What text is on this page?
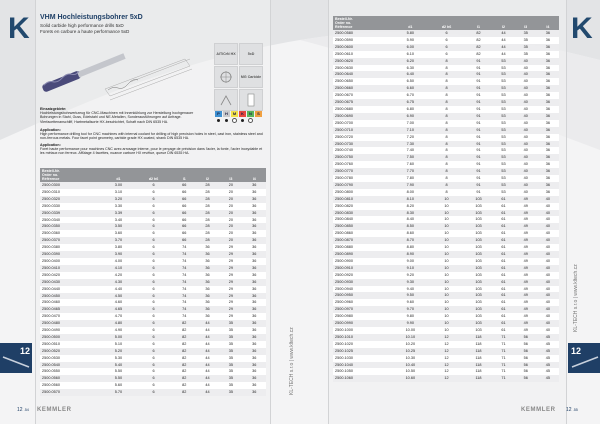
K VHM Hochleistungsbohrer 5xD
Solid carbide high performance drills 5xD
Forets en carbure a haute performance 5xD
AlTiCrN HX	5xD
MG Carbide
P	H	M	K	N	S
Einsatzgebiete:
Hochleistungsbohrwerkzeug für CNC-Maschinen mit Innenkühlung zur Herstellung hochgenauer Bohrungen in Stahl, Guss, Edelstahl und NE-Metallen, Sonderausführungen auf Anfrage. Vierfacettenanschliff, Hartmetallsorte HX-beschichtet, Schaft nach DIN 6535 HA.
Application:
High performance drilling tool for CNC machines with internal coolant for drilling of high precision holes in steel, cast iron, stainless steel and non-ferrous metals. Four facet point geometry, carbide grade HX coated, shank DIN 6535 HA.
Application:
Foret haute performance pour machines CNC avec arrosage interne, pour le perçage de précision dans l'acier, la fonte, l'acier inoxydable et les métaux non ferreux. Affûtage 4 facettes, nuance carbure HX revêtue, queue DIN 6535 HA.
Bestell-Nr.
Order no.
Référence	d1	d2 h6	l1	l2	l3	l4
2500.0300	3.00	6	66	28	20	36
2500.0310	3.10	6	66	28	20	36
2500.0320	3.20	6	66	28	20	36
2500.0330	3.30	6	66	28	20	36
2500.0339	3.39	6	66	28	20	36
2500.0340	3.40	6	66	28	20	36
2500.0350	3.50	6	66	28	20	36
2500.0360	3.60	6	66	28	20	36
2500.0370	3.70	6	66	28	20	36
2500.0380	3.80	6	74	36	29	36
2500.0390	3.90	6	74	36	29	36
2500.0400	4.00	6	74	36	29	36
2500.0410	4.10	6	74	36	29	36
2500.0420	4.20	6	74	36	29	36
2500.0430	4.30	6	74	36	29	36
2500.0440	4.40	6	74	36	29	36
2500.0450	4.50	6	74	36	29	36
2500.0460	4.60	6	74	36	29	36
2500.0465	4.65	6	74	36	29	36
2500.0470	4.70	6	74	36	29	36
2500.0480	4.80	6	82	44	35	36
2500.0490	4.90	6	82	44	35	36
2500.0500	5.00	6	82	44	35	36
2500.0510	5.10	6	82	44	35	36
2500.0520	5.20	6	82	44	35	36
2500.0530	5.30	6	82	44	35	36
2500.0540	5.40	6	82	44	35	36
2500.0550	5.50	6	82	44	35	36
2500.0560	5.50	6	82	44	35	36
2500.0560	5.60	6	82	44	35	36
2500.0570	5.70	6	82	44	35	36
12
12 .54 KEMMLER
KL-TECH s.r.o | www.kltech.cz
K
Bestell-Nr.
Order no.
Référence	d1	d2 h6	l1	l2	l3	l4
2500.0580	5.80	6	82	44	35	36
2500.0590	5.90	6	82	44	35	36
2500.0600	6.00	6	82	44	35	36
2500.0610	6.10	6	82	44	35	36
2500.0620	6.20	8	91	53	40	36
2500.0630	6.30	8	91	53	40	36
2500.0640	6.40	8	91	53	40	36
2500.0650	6.50	8	91	53	40	36
2500.0660	6.60	8	91	53	40	36
2500.0670	6.70	8	91	53	40	36
2500.0675	6.75	8	91	53	40	36
2500.0680	6.80	8	91	53	40	36
2500.0690	6.90	8	91	53	40	36
2500.0700	7.00	8	91	53	40	36
2500.0710	7.10	8	91	53	40	36
2500.0720	7.20	8	91	53	40	36
2500.0730	7.30	8	91	53	40	36
2500.0740	7.40	8	91	53	40	36
2500.0750	7.50	8	91	53	40	36
2500.0760	7.60	8	91	53	40	36
2500.0770	7.70	8	91	53	40	36
2500.0780	7.80	8	91	53	40	36
2500.0790	7.90	8	91	53	40	36
2500.0800	8.00	8	91	53	40	36
2500.0810	8.10	10	103	61	49	40
2500.0820	8.20	10	103	61	49	40
2500.0830	8.30	10	103	61	49	40
2500.0840	8.40	10	103	61	49	40
2500.0850	8.50	10	103	61	49	40
2500.0860	8.60	10	103	61	49	40
2500.0870	8.70	10	103	61	49	40
2500.0880	8.80	10	103	61	49	40
2500.0890	8.90	10	103	61	49	40
2500.0900	9.00	10	103	61	49	40
2500.0910	9.10	10	103	61	49	40
2500.0920	9.20	10	103	61	49	40
2500.0930	9.30	10	103	61	49	40
2500.0940	9.40	10	103	61	49	40
2500.0950	9.50	10	103	61	49	40
2500.0960	9.60	10	103	61	49	40
2500.0970	9.70	10	103	61	49	40
2500.0980	9.80	10	103	61	49	40
2500.0990	9.90	10	103	61	49	40
2500.1000	10.00	10	103	61	49	40
2500.1010	10.10	12	118	71	56	45
2500.1020	10.20	12	118	71	56	45
2500.1025	10.25	12	118	71	56	45
2500.1030	10.30	12	118	71	56	45
2500.1040	10.40	12	118	71	56	45
2500.1050	10.50	12	118	71	56	45
2500.1060	10.60	12	118	71	56	45
KL-TECH s.r.o | www.kltech.cz
12
KEMMLER 12 .55
